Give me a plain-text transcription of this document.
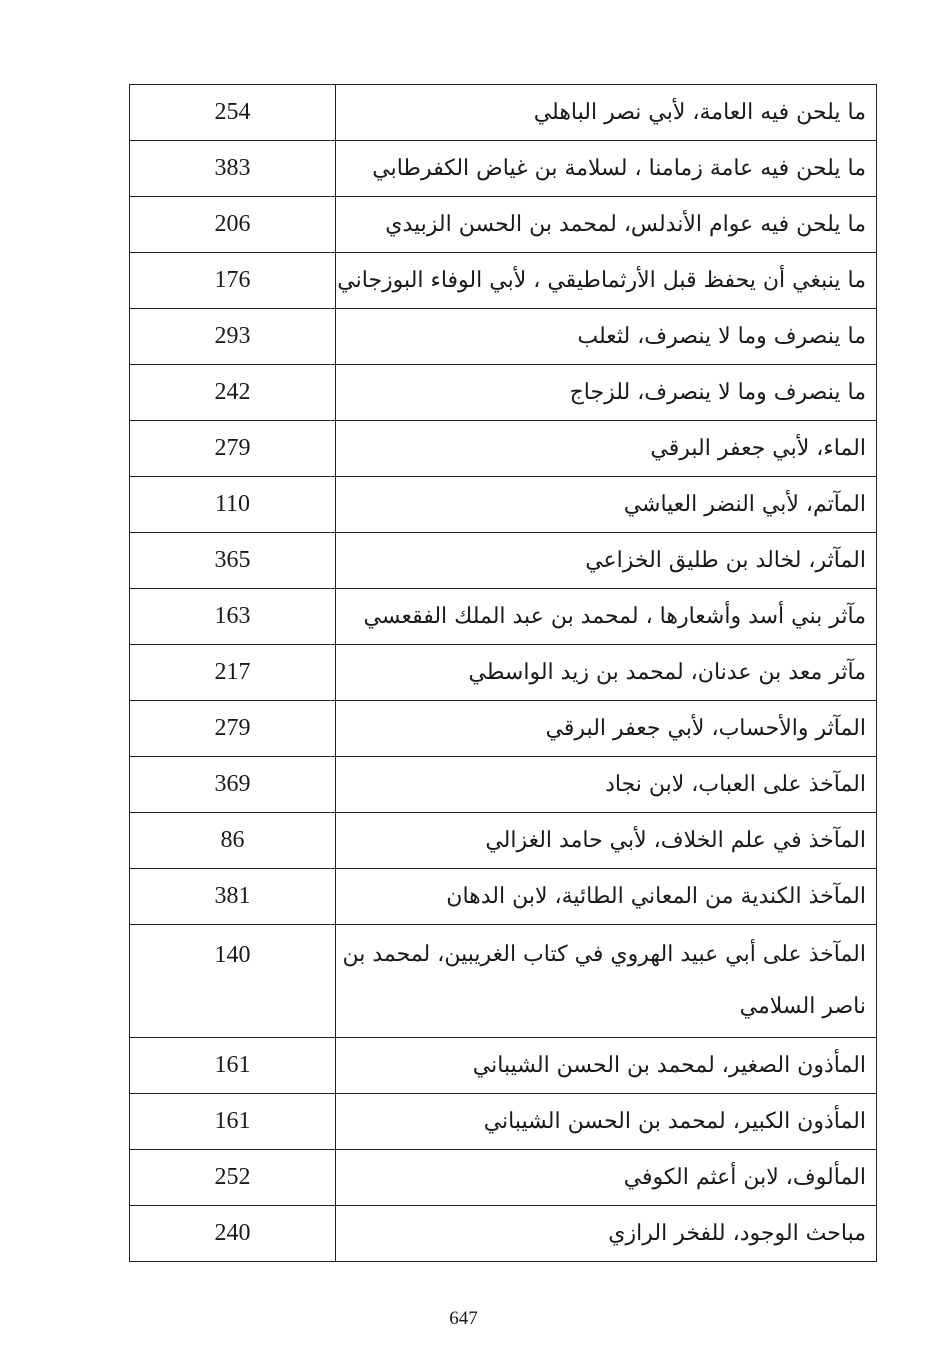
254	ما يلحن فيه العامة، لأبي نصر الباهلي
383	ما يلحن فيه عامة زمامنا ، لسلامة بن غياض الكفرطابي
206	ما يلحن فيه عوام الأندلس، لمحمد بن الحسن الزبيدي
176	ما ينبغي أن يحفظ قبل الأرثماطيقي ، لأبي الوفاء البوزجاني
293	ما ينصرف وما لا ينصرف، لثعلب
242	ما ينصرف وما لا ينصرف، للزجاج
279	الماء، لأبي جعفر البرقي
110	المآتم، لأبي النضر العياشي
365	المآثر، لخالد بن طليق الخزاعي
163	مآثر بني أسد وأشعارها ، لمحمد بن عبد الملك الفقعسي
217	مآثر معد بن عدنان، لمحمد بن زيد الواسطي
279	المآثر والأحساب، لأبي جعفر البرقي
369	المآخذ على العباب، لابن نجاد
86	المآخذ في علم الخلاف، لأبي حامد الغزالي
381	المآخذ الكندية من المعاني الطائية، لابن الدهان
140	المآخذ على أبي عبيد الهروي في كتاب الغريبين، لمحمد بن ناصر السلامي
161	المأذون الصغير، لمحمد بن الحسن الشيباني
161	المأذون الكبير، لمحمد بن الحسن الشيباني
252	المألوف، لابن أعثم الكوفي
240	مباحث الوجود، للفخر الرازي
647
